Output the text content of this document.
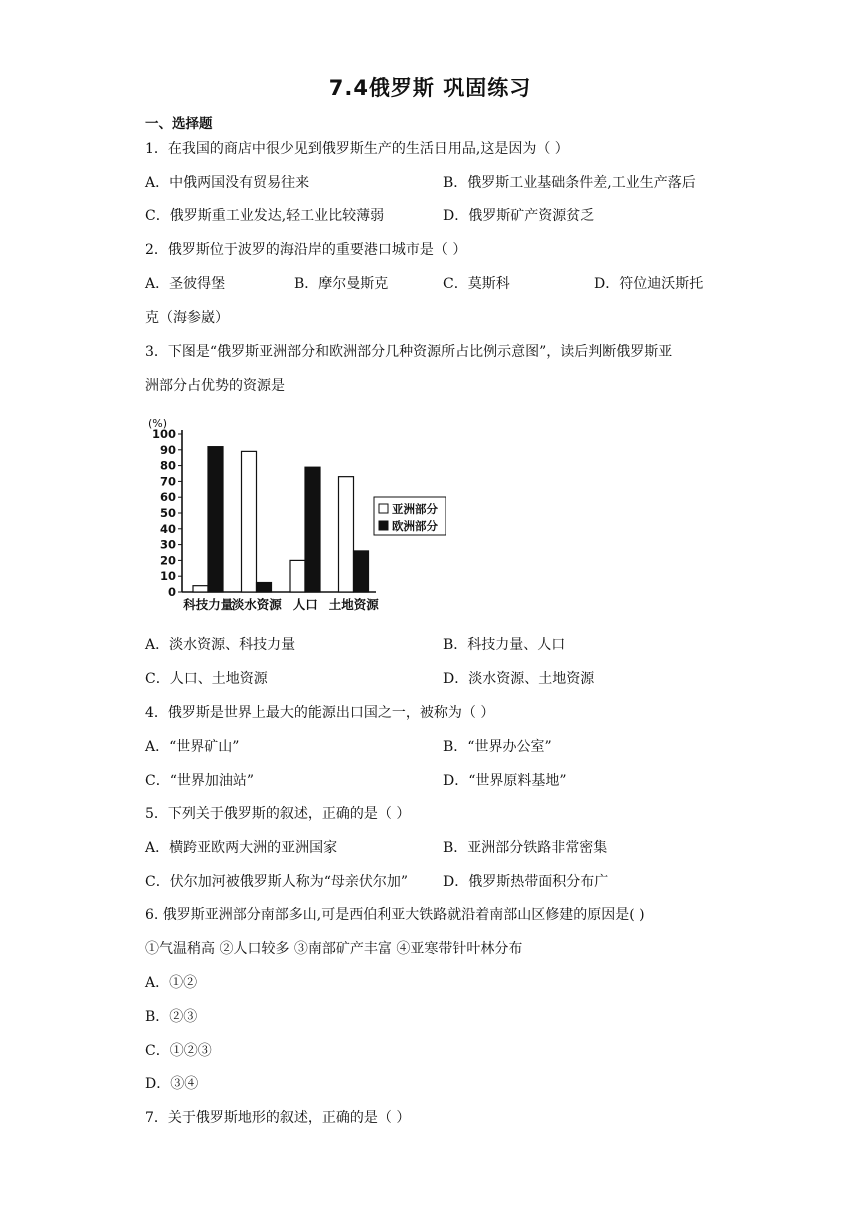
7.4俄罗斯 巩固练习
一、选择题
1．在我国的商店中很少见到俄罗斯生产的生活日用品,这是因为（ ）
A．中俄两国没有贸易往来	B．俄罗斯工业基础条件差,工业生产落后
C．俄罗斯重工业发达,轻工业比较薄弱	D．俄罗斯矿产资源贫乏
2．俄罗斯位于波罗的海沿岸的重要港口城市是（ ）
A．圣彼得堡	B．摩尔曼斯克	C．莫斯科	D．符位迪沃斯托
克（海参崴）
3．下图是“俄罗斯亚洲部分和欧洲部分几种资源所占比例示意图”，读后判断俄罗斯亚
洲部分占优势的资源是
(%)
0
10
20
30
40
50
60
70
80
90
100
科技力量
淡水资源 人口 土地资源
亚洲部分
欧洲部分
A．淡水资源、科技力量	B．科技力量、人口
C．人口、土地资源	D．淡水资源、土地资源
4．俄罗斯是世界上最大的能源出口国之一，被称为（ ）
A．“世界矿山”	B．“世界办公室”
C．“世界加油站”	D．“世界原料基地”
5．下列关于俄罗斯的叙述，正确的是（ ）
A．横跨亚欧两大洲的亚洲国家	B．亚洲部分铁路非常密集
C．伏尔加河被俄罗斯人称为“母亲伏尔加” D．俄罗斯热带面积分布广
6. 俄罗斯亚洲部分南部多山,可是西伯利亚大铁路就沿着南部山区修建的原因是( )
①气温稍高 ②人口较多 ③南部矿产丰富 ④亚寒带针叶林分布
A．①②
B．②③
C．①②③
D．③④
7．关于俄罗斯地形的叙述，正确的是（ ）
